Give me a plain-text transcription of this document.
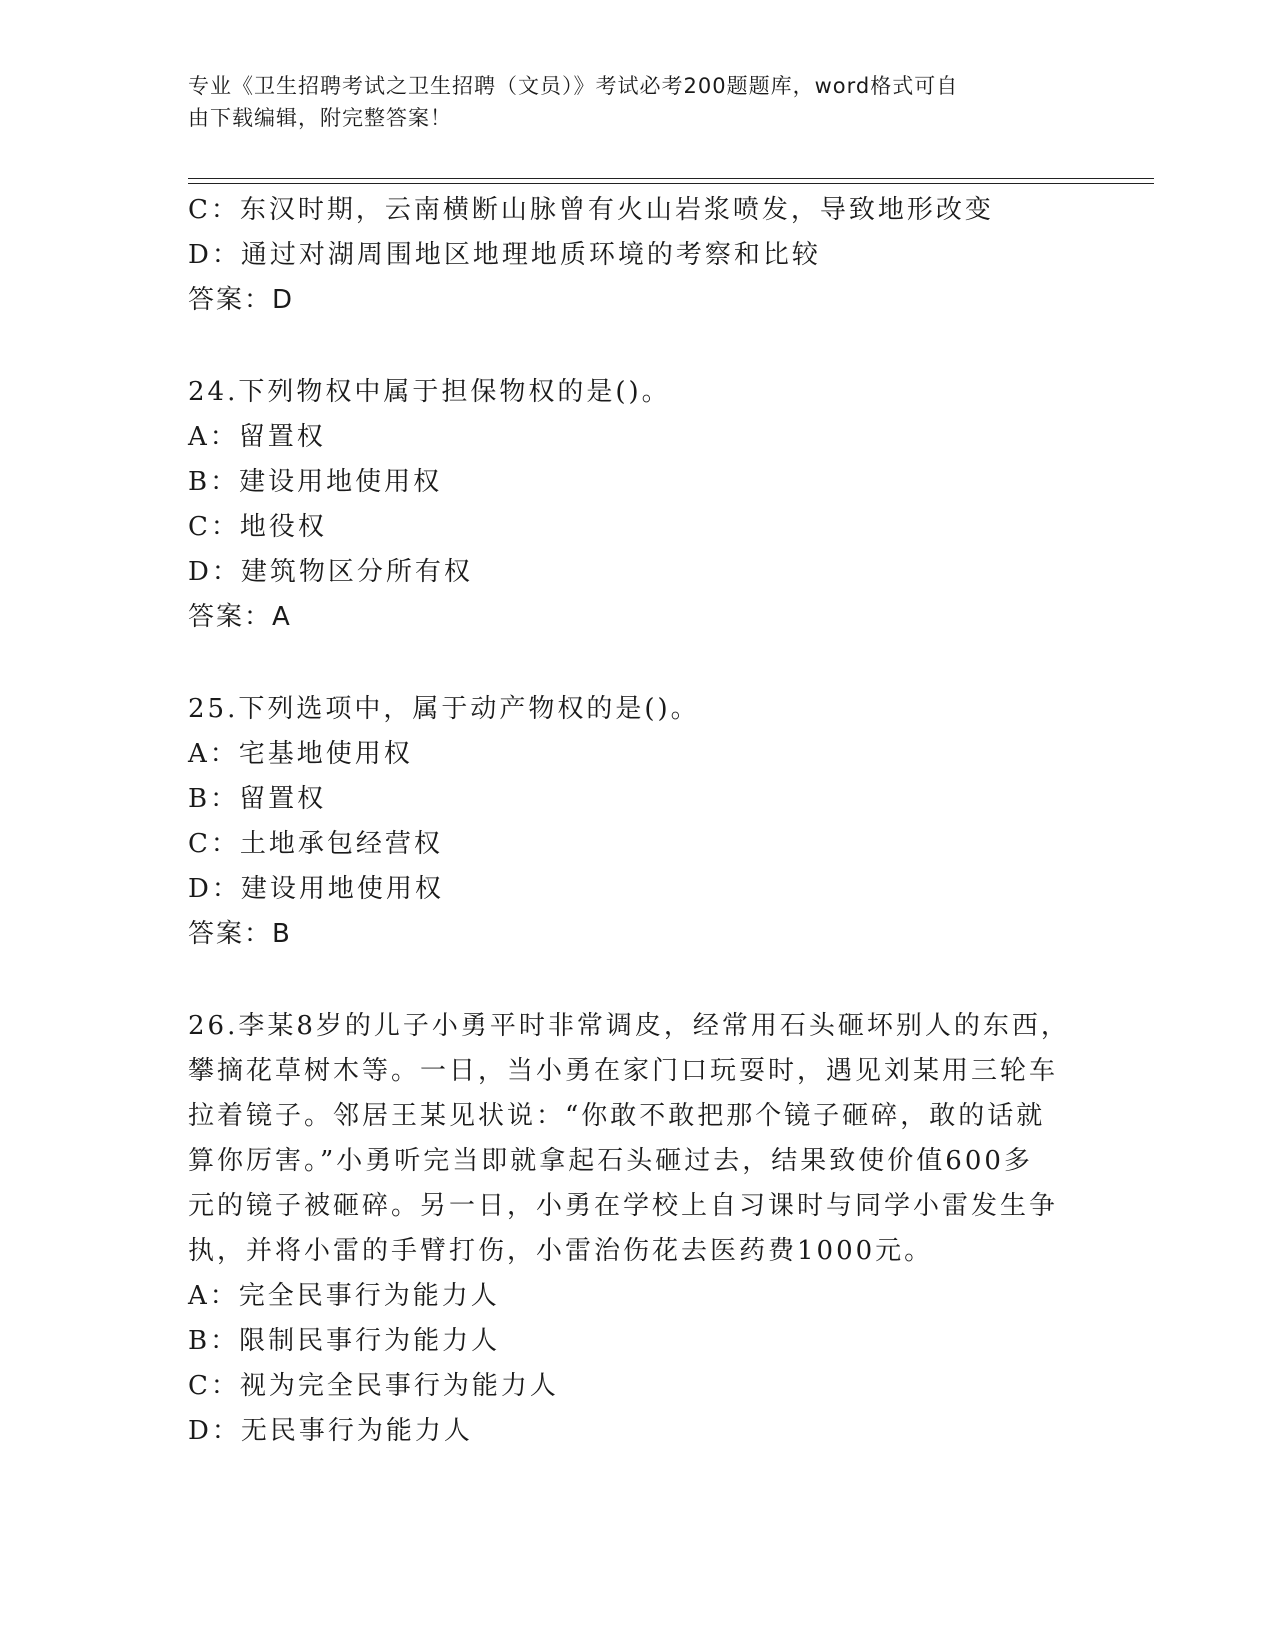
专业《卫生招聘考试之卫生招聘（文员）》考试必考200题题库，word格式可自
由下载编辑，附完整答案！
C：东汉时期，云南横断山脉曾有火山岩浆喷发，导致地形改变
D：通过对湖周围地区地理地质环境的考察和比较
答案：D
24.下列物权中属于担保物权的是()。
A：留置权
B：建设用地使用权
C：地役权
D：建筑物区分所有权
答案：A
25.下列选项中，属于动产物权的是()。
A：宅基地使用权
B：留置权
C：土地承包经营权
D：建设用地使用权
答案：B
26.李某8岁的儿子小勇平时非常调皮，经常用石头砸坏别人的东西，
攀摘花草树木等。一日，当小勇在家门口玩耍时，遇见刘某用三轮车
拉着镜子。邻居王某见状说：“你敢不敢把那个镜子砸碎，敢的话就
算你厉害。”小勇听完当即就拿起石头砸过去，结果致使价值600多
元的镜子被砸碎。另一日，小勇在学校上自习课时与同学小雷发生争
执，并将小雷的手臂打伤，小雷治伤花去医药费1000元。
A：完全民事行为能力人
B：限制民事行为能力人
C：视为完全民事行为能力人
D：无民事行为能力人
